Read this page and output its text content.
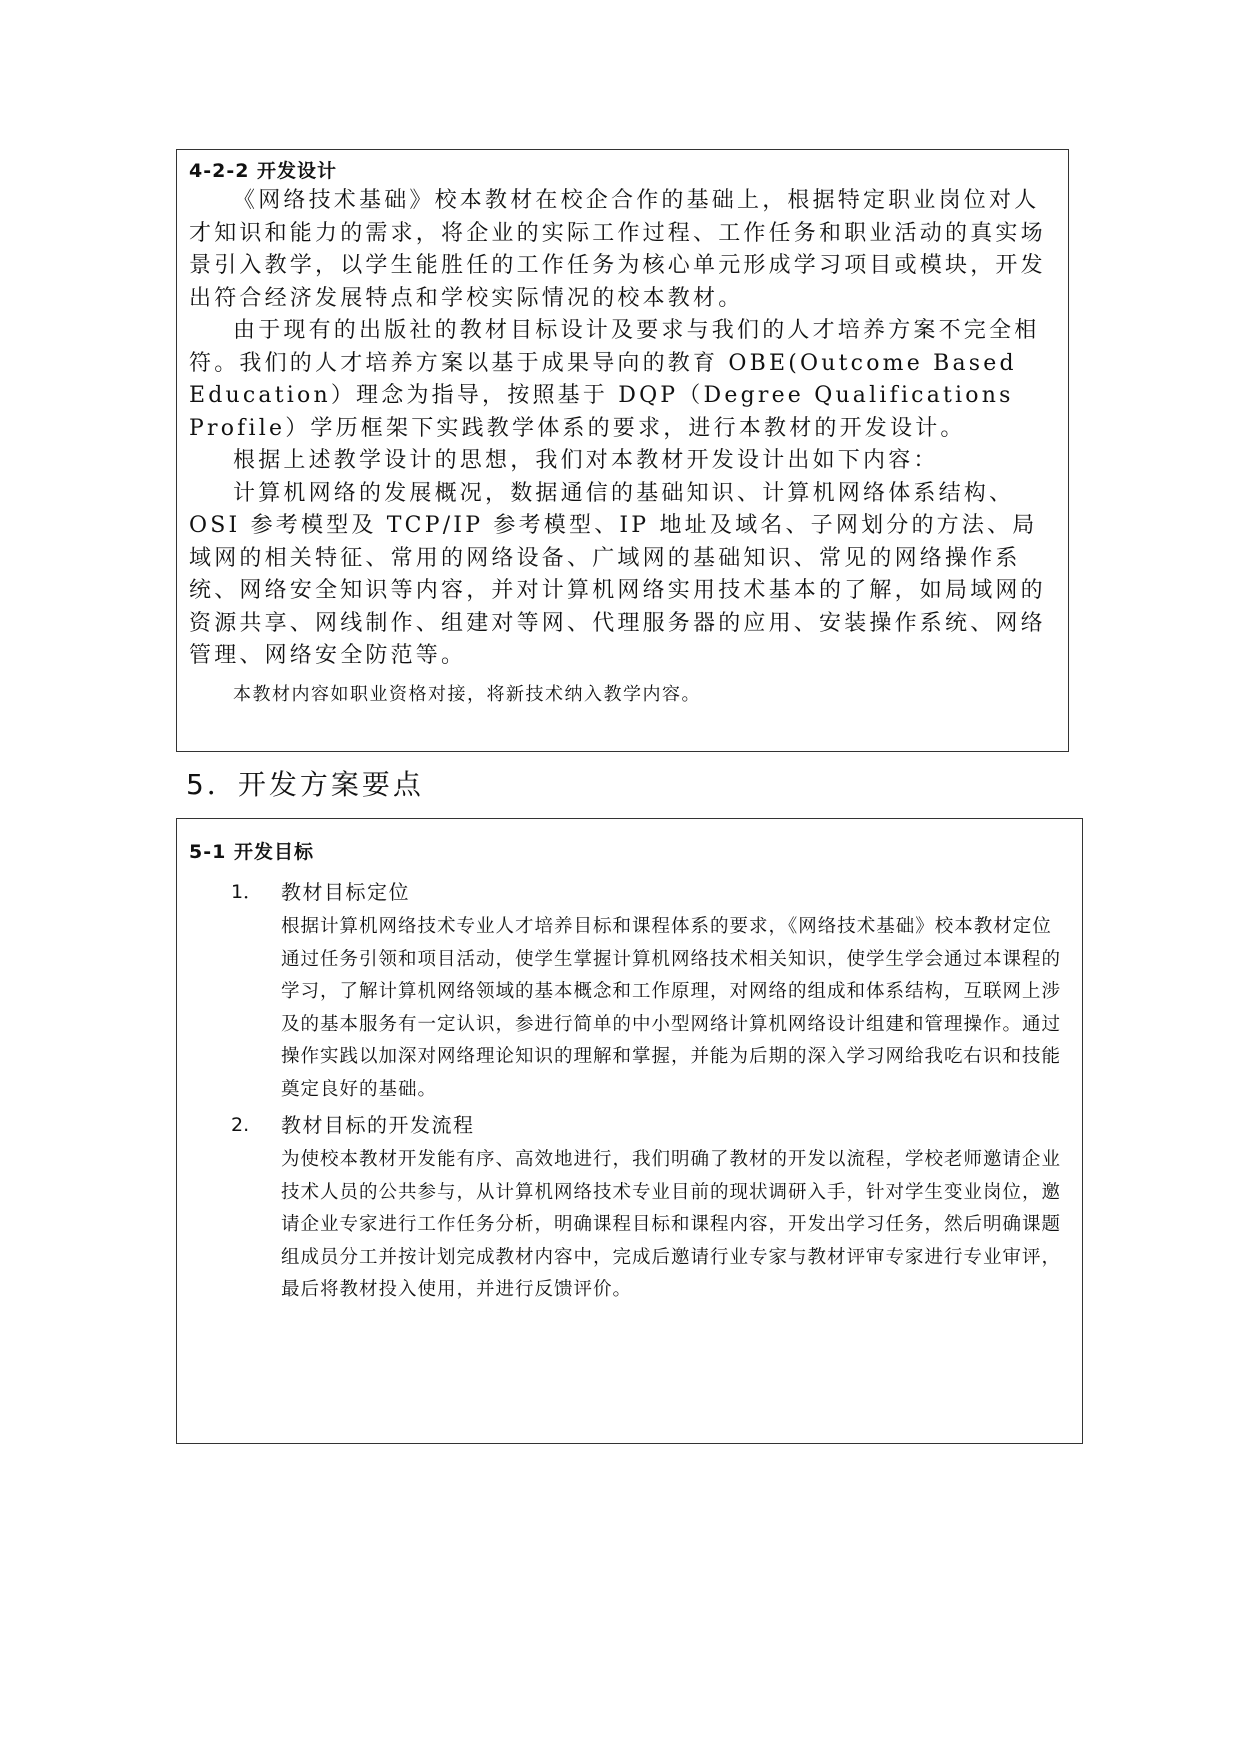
4-2-2 开发设计

《网络技术基础》校本教材在校企合作的基础上，根据特定职业岗位对人才知识和能力的需求，将企业的实际工作过程、工作任务和职业活动的真实场景引入教学，以学生能胜任的工作任务为核心单元形成学习项目或模块，开发出符合经济发展特点和学校实际情况的校本教材。

由于现有的出版社的教材目标设计及要求与我们的人才培养方案不完全相符。我们的人才培养方案以基于成果导向的教育 OBE(Outcome Based Education）理念为指导，按照基于 DQP（Degree Qualifications Profile）学历框架下实践教学体系的要求，进行本教材的开发设计。

根据上述教学设计的思想，我们对本教材开发设计出如下内容：

计算机网络的发展概况，数据通信的基础知识、计算机网络体系结构、OSI 参考模型及 TCP/IP 参考模型、IP 地址及域名、子网划分的方法、局域网的相关特征、常用的网络设备、广域网的基础知识、常见的网络操作系统、网络安全知识等内容，并对计算机网络实用技术基本的了解，如局域网的资源共享、网线制作、组建对等网、代理服务器的应用、安装操作系统、网络管理、网络安全防范等。

本教材内容如职业资格对接，将新技术纳入教学内容。

5．开发方案要点
5-1 开发目标
1． 教材目标定位
根据计算机网络技术专业人才培养目标和课程体系的要求，《网络技术基础》校本教材定位通过任务引领和项目活动，使学生掌握计算机网络技术相关知识，使学生学会通过本课程的 学习，了解计算机网络领域的基本概念和工作原理，对网络的组成和体系结构，互联网上涉及的基本服务有一定认识，参进行简单的中小型网络计算机网络设计组建和管理操作。通过操作实践以加深对网络理论知识的理解和掌握，并能为后期的深入学习网给我吃右识和技能奠定良好的基础。
2. 教材目标的开发流程
为使校本教材开发能有序、高效地进行，我们明确了教材的开发以流程，学校老师邀请企业技术人员的公共参与，从计算机网络技术专业目前的现状调研入手，针对学生变业岗位，邀请企业专家进行工作任务分析，明确课程目标和课程内容，开发出学习任务，然后明确课题组成员分工并按计划完成教材内容中，完成后邀请行业专家与教材评审专家进行专业审评，最后将教材投入使用，并进行反馈评价。
